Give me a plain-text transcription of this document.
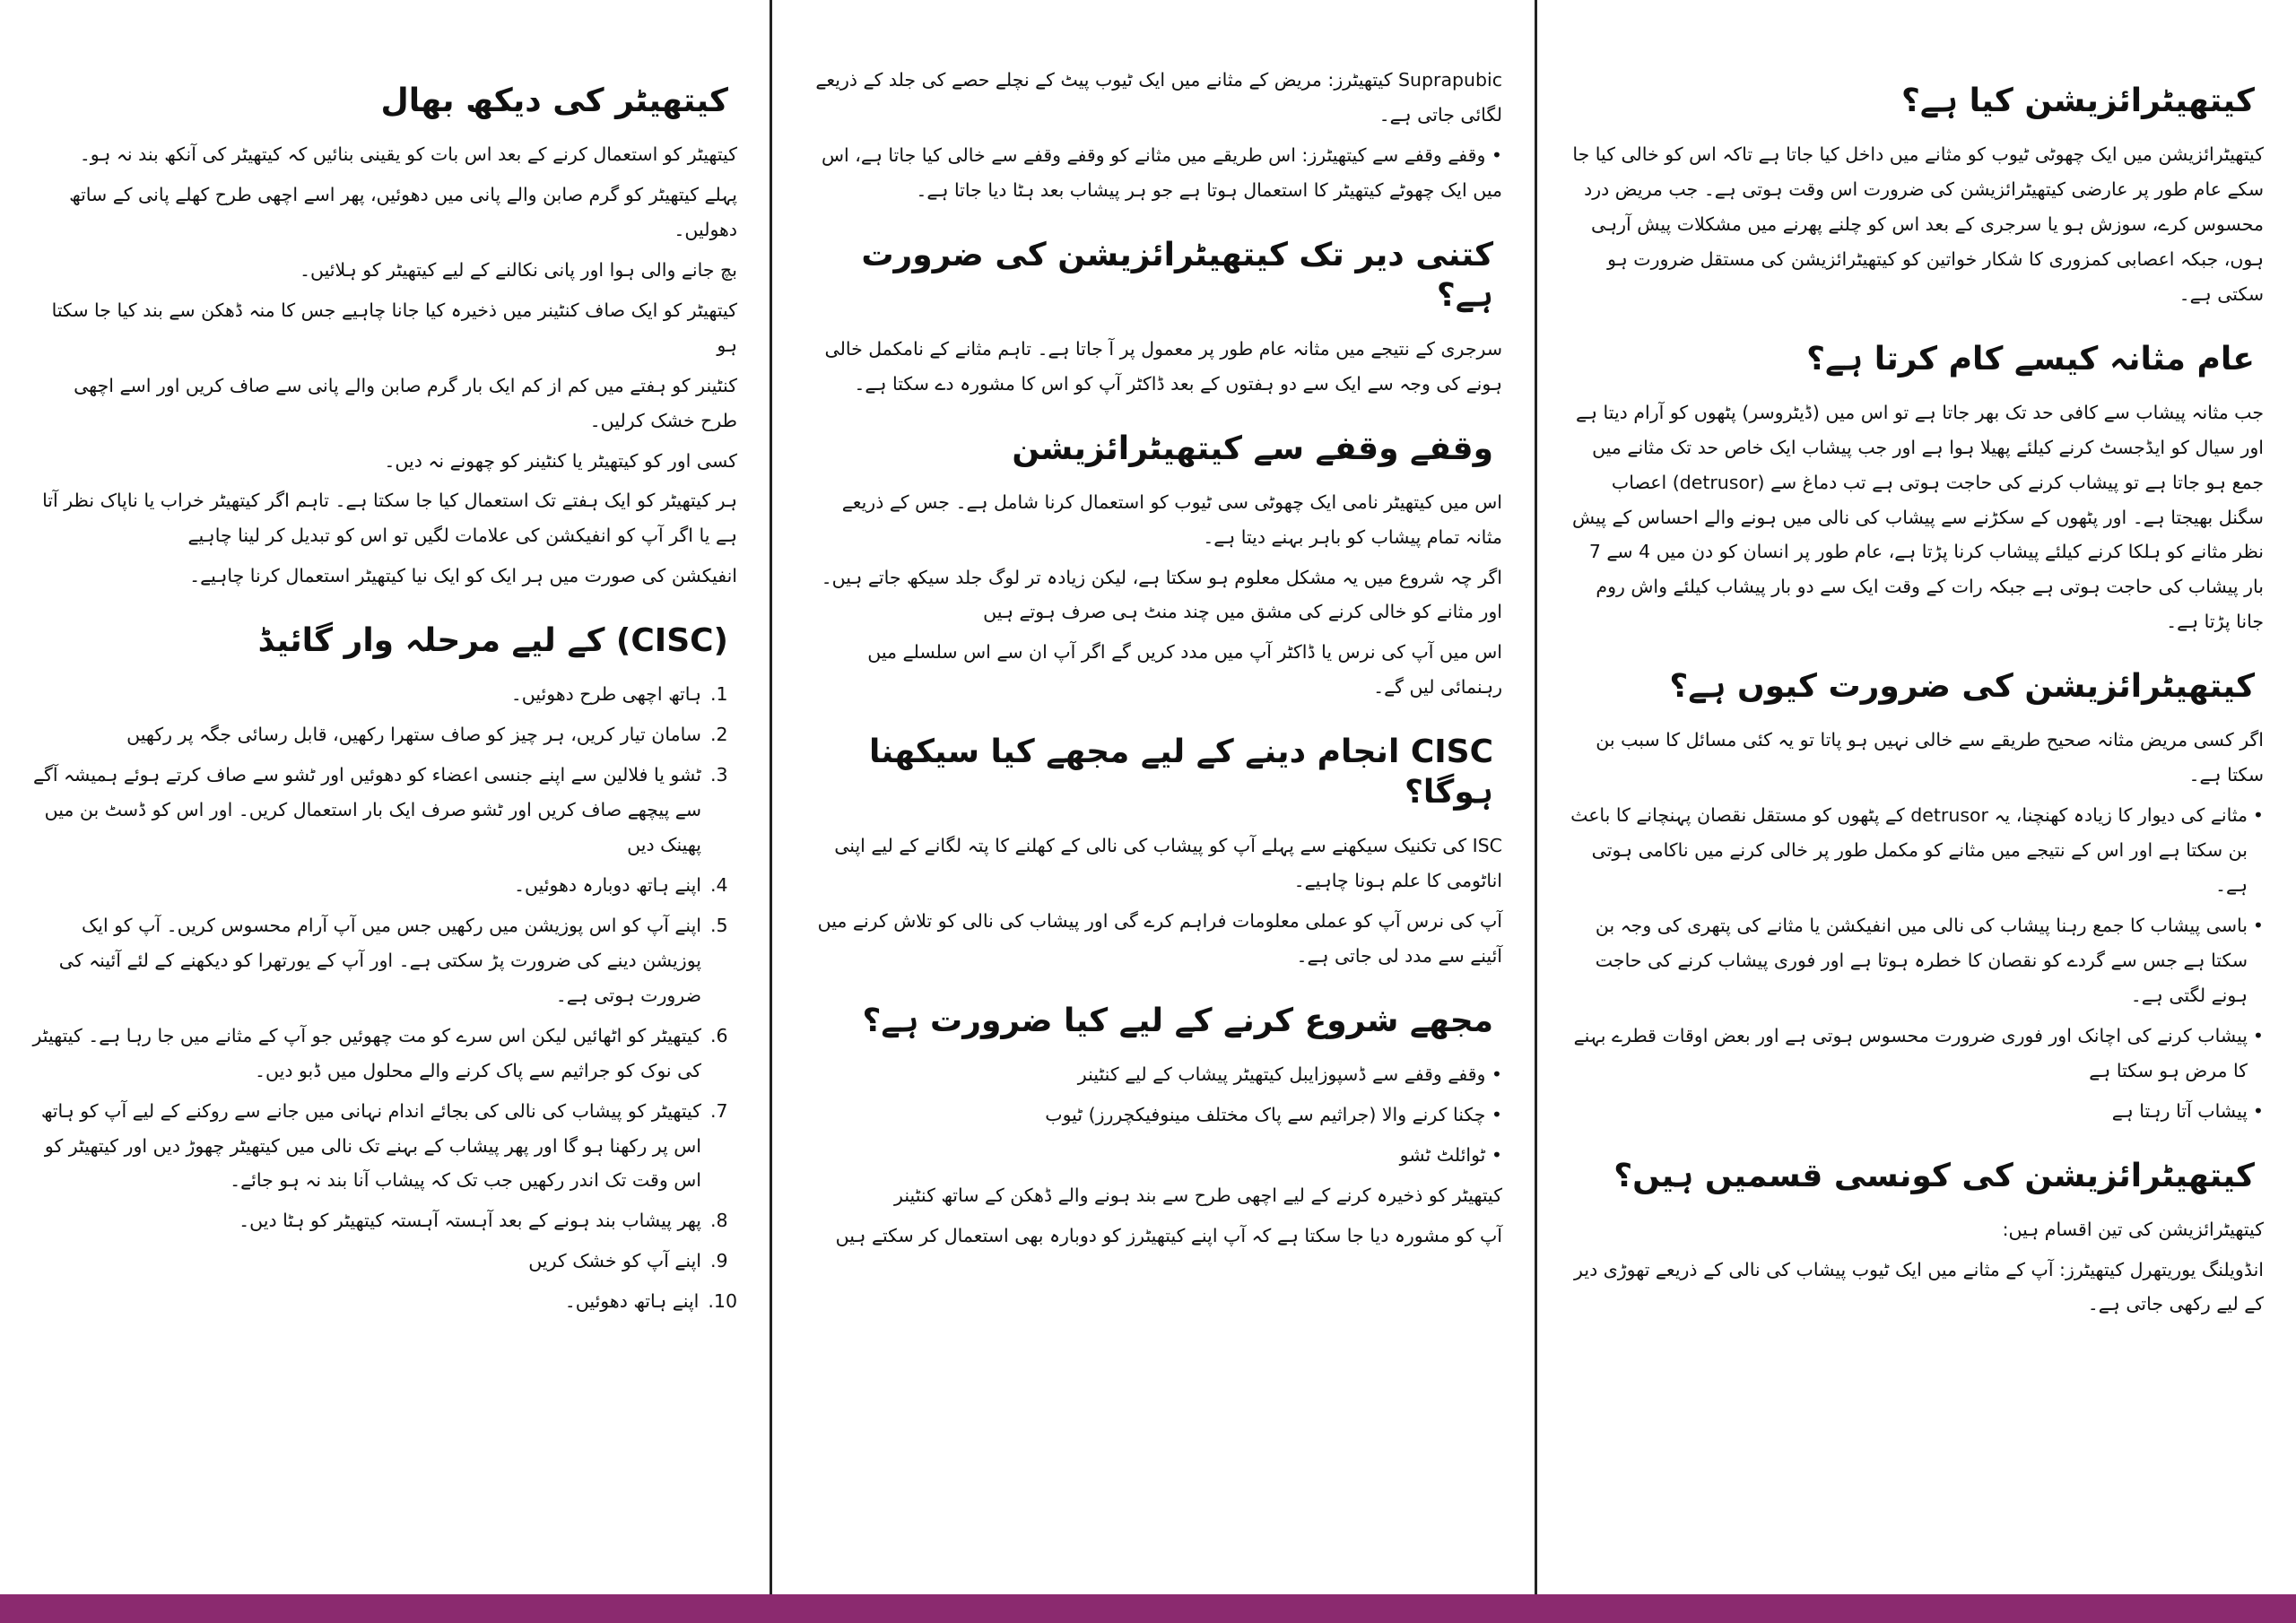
کیتھیٹر کی دیکھ بھال

کیتھیٹر کو استعمال کرنے کے بعد اس بات کو یقینی بنائیں کہ کیتھیٹر کی آنکھ بند نہ ہو۔

پہلے کیتھیٹر کو گرم صابن والے پانی میں دھوئیں، پھر اسے اچھی طرح کھلے پانی کے ساتھ دھولیں۔

بچ جانے والی ہوا اور پانی نکالنے کے لیے کیتھیٹر کو ہلائیں۔

کیتھیٹر کو ایک صاف کنٹینر میں ذخیرہ کیا جانا چاہیے جس کا منہ ڈھکن سے بند کیا جا سکتا ہو

کنٹینر کو ہفتے میں کم از کم ایک بار گرم صابن والے پانی سے صاف کریں اور اسے اچھی طرح خشک کرلیں۔

کسی اور کو کیتھیٹر یا کنٹینر کو چھونے نہ دیں۔

ہر کیتھیٹر کو ایک ہفتے تک استعمال کیا جا سکتا ہے۔ تاہم اگر کیتھیٹر خراب یا ناپاک نظر آتا ہے یا اگر آپ کو انفیکشن کی علامات لگیں تو اس کو تبدیل کر لینا چاہیے

انفیکشن کی صورت میں ہر ایک کو ایک نیا کیتھیٹر استعمال کرنا چاہیے۔

(CISC) کے لیے مرحلہ وار گائیڈ
1.
ہاتھ اچھی طرح دھوئیں۔
2.
سامان تیار کریں، ہر چیز کو صاف ستھرا رکھیں، قابل رسائی جگہ پر رکھیں
3.
ٹشو یا فلالین سے اپنے جنسی اعضاء کو دھوئیں اور ٹشو سے صاف کرتے ہوئے ہمیشہ آگے سے پیچھے صاف کریں اور ٹشو صرف ایک بار استعمال کریں۔ اور اس کو ڈسٹ بن میں پھینک دیں
4.
اپنے ہاتھ دوبارہ دھوئیں۔
5.
اپنے آپ کو اس پوزیشن میں رکھیں جس میں آپ آرام محسوس کریں۔ آپ کو ایک پوزیشن دینے کی ضرورت پڑ سکتی ہے۔ اور آپ کے یورتھرا کو دیکھنے کے لئے آئینہ کی ضرورت ہوتی ہے۔
6.
کیتھیٹر کو اٹھائیں لیکن اس سرے کو مت چھوئیں جو آپ کے مثانے میں جا رہا ہے۔ کیتھیٹر کی نوک کو جراثیم سے پاک کرنے والے محلول میں ڈبو دیں۔
7.
کیتھیٹر کو پیشاب کی نالی کی بجائے اندام نہانی میں جانے سے روکنے کے لیے آپ کو ہاتھ اس پر رکھنا ہو گا اور پھر پیشاب کے بہنے تک نالی میں کیتھیٹر چھوڑ دیں اور کیتھیٹر کو اس وقت تک اندر رکھیں جب تک کہ پیشاب آنا بند نہ ہو جائے۔
8.
پھر پیشاب بند ہونے کے بعد آہستہ آہستہ کیتھیٹر کو ہٹا دیں۔
9.
اپنے آپ کو خشک کریں
10.
اپنے ہاتھ دھوئیں۔

Suprapubic کیتھیٹرز: مریض کے مثانے میں ایک ٹیوب پیٹ کے نچلے حصے کی جلد کے ذریعے لگائی جاتی ہے۔

• وقفے وقفے سے کیتھیٹرز: اس طریقے میں مثانے کو وقفے وقفے سے خالی کیا جاتا ہے، اس میں ایک چھوٹے کیتھیٹر کا استعمال ہوتا ہے جو ہر پیشاب بعد ہٹا دیا جاتا ہے۔

کتنی دیر تک کیتھیٹرائزیشن کی ضرورت ہے؟

سرجری کے نتیجے میں مثانہ عام طور پر معمول پر آ جاتا ہے۔ تاہم مثانے کے نامکمل خالی ہونے کی وجہ سے ایک سے دو ہفتوں کے بعد ڈاکٹر آپ کو اس کا مشورہ دے سکتا ہے۔

وقفے وقفے سے کیتھیٹرائزیشن

اس میں کیتھیٹر نامی ایک چھوٹی سی ٹیوب کو استعمال کرنا شامل ہے۔ جس کے ذریعے مثانہ تمام پیشاب کو باہر بہنے دیتا ہے۔

اگر چہ شروع میں یہ مشکل معلوم ہو سکتا ہے، لیکن زیادہ تر لوگ جلد سیکھ جاتے ہیں۔ اور مثانے کو خالی کرنے کی مشق میں چند منٹ ہی صرف ہوتے ہیں

اس میں آپ کی نرس یا ڈاکٹر آپ میں مدد کریں گے اگر آپ ان سے اس سلسلے میں رہنمائی لیں گے۔

CISC انجام دینے کے لیے مجھے کیا سیکھنا ہوگا؟

ISC کی تکنیک سیکھنے سے پہلے آپ کو پیشاب کی نالی کے کھلنے کا پتہ لگانے کے لیے اپنی اناٹومی کا علم ہونا چاہیے۔

آپ کی نرس آپ کو عملی معلومات فراہم کرے گی اور پیشاب کی نالی کو تلاش کرنے میں آئینے سے مدد لی جاتی ہے۔

مجھے شروع کرنے کے لیے کیا ضرورت ہے؟
• وقفے وقفے سے ڈسپوزایبل کیتھیٹر پیشاب کے لیے کنٹینر
• چکنا کرنے والا (جراثیم سے پاک مختلف مینوفیکچررز) ٹیوب
• ٹوائلٹ ٹشو
کیتھیٹر کو ذخیرہ کرنے کے لیے اچھی طرح سے بند ہونے والے ڈھکن کے ساتھ کنٹینر
آپ کو مشورہ دیا جا سکتا ہے کہ آپ اپنے کیتھیٹرز کو دوبارہ بھی استعمال کر سکتے ہیں
کیتھیٹرائزیشن کیا ہے؟

کیتھیٹرائزیشن میں ایک چھوٹی ٹیوب کو مثانے میں داخل کیا جاتا ہے تاکہ اس کو خالی کیا جا سکے عام طور پر عارضی کیتھیٹرائزیشن کی ضرورت اس وقت ہوتی ہے۔ جب مریض درد محسوس کرے، سوزش ہو یا سرجری کے بعد اس کو چلنے پھرنے میں مشکلات پیش آرہی ہوں، جبکہ اعصابی کمزوری کا شکار خواتین کو کیتھیٹرائزیشن کی مستقل ضرورت ہو سکتی ہے۔

عام مثانہ کیسے کام کرتا ہے؟

جب مثانہ پیشاب سے کافی حد تک بھر جاتا ہے تو اس میں (ڈیٹروسر) پٹھوں کو آرام دیتا ہے اور سیال کو ایڈجسٹ کرنے کیلئے پھیلا ہوا ہے اور جب پیشاب ایک خاص حد تک مثانے میں جمع ہو جاتا ہے تو پیشاب کرنے کی حاجت ہوتی ہے تب دماغ سے (detrusor) اعصاب سگنل بھیجتا ہے۔ اور پٹھوں کے سکڑنے سے پیشاب کی نالی میں ہونے والے احساس کے پیش نظر مثانے کو ہلکا کرنے کیلئے پیشاب کرنا پڑتا ہے، عام طور پر انسان کو دن میں 4 سے 7 بار پیشاب کی حاجت ہوتی ہے جبکہ رات کے وقت ایک سے دو بار پیشاب کیلئے واش روم جانا پڑتا ہے۔

کیتھیٹرائزیشن کی ضرورت کیوں ہے؟

اگر کسی مریض مثانہ صحیح طریقے سے خالی نہیں ہو پاتا تو یہ کئی مسائل کا سبب بن سکتا ہے۔

• مثانے کی دیوار کا زیادہ کھنچنا، یہ detrusor کے پٹھوں کو مستقل نقصان پہنچانے کا باعث بن سکتا ہے اور اس کے نتیجے میں مثانے کو مکمل طور پر خالی کرنے میں ناکامی ہوتی ہے۔
• باسی پیشاب کا جمع رہنا پیشاب کی نالی میں انفیکشن یا مثانے کی پتھری کی وجہ بن سکتا ہے جس سے گردے کو نقصان کا خطرہ ہوتا ہے اور فوری پیشاب کرنے کی حاجت ہونے لگتی ہے۔
• پیشاب کرنے کی اچانک اور فوری ضرورت محسوس ہوتی ہے اور بعض اوقات قطرے بہنے کا مرض ہو سکتا ہے
• پیشاب آتا رہتا ہے
کیتھیٹرائزیشن کی کونسی قسمیں ہیں؟

کیتھیٹرائزیشن کی تین اقسام ہیں:

انڈویلنگ یوریتھرل کیتھیٹرز: آپ کے مثانے میں ایک ٹیوب پیشاب کی نالی کے ذریعے تھوڑی دیر کے لیے رکھی جاتی ہے۔
